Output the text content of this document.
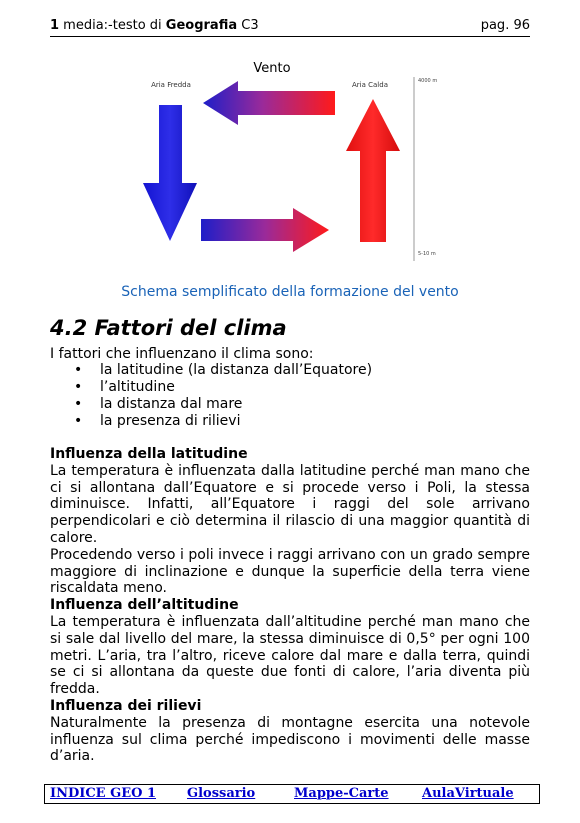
1 media:-testo di Geografia C3	pag. 96
Vento
Aria Fredda	Aria Calda	4000 m
5-10 m
Schema semplificato della formazione del vento
4.2 Fattori del clima
I fattori che influenzano il clima sono:
• la latitudine (la distanza dall’Equatore)
• l’altitudine
• la distanza dal mare
• la presenza di rilievi
Influenza della latitudine

La temperatura è influenzata dalla latitudine perché man mano che ci si allontana dall’Equatore e si procede verso i Poli, la stessa diminuisce. Infatti, all’Equatore i raggi del sole arrivano perpendicolari e ciò determina il rilascio di una maggior quantità di calore.

Procedendo verso i poli invece i raggi arrivano con un grado sempre maggiore di inclinazione e dunque la superficie della terra viene riscaldata meno.

Influenza dell’altitudine

La temperatura è influenzata dall’altitudine perché man mano che si sale dal livello del mare, la stessa diminuisce di 0,5° per ogni 100 metri. L’aria, tra l’altro, riceve calore dal mare e dalla terra, quindi se ci si allontana da queste due fonti di calore, l’aria diventa più fredda.

Influenza dei rilievi

Naturalmente la presenza di montagne esercita una notevole influenza sul clima perché impediscono i movimenti delle masse d’aria.

INDICE GEO 1 Glossario	Mappe-Carte	AulaVirtuale
